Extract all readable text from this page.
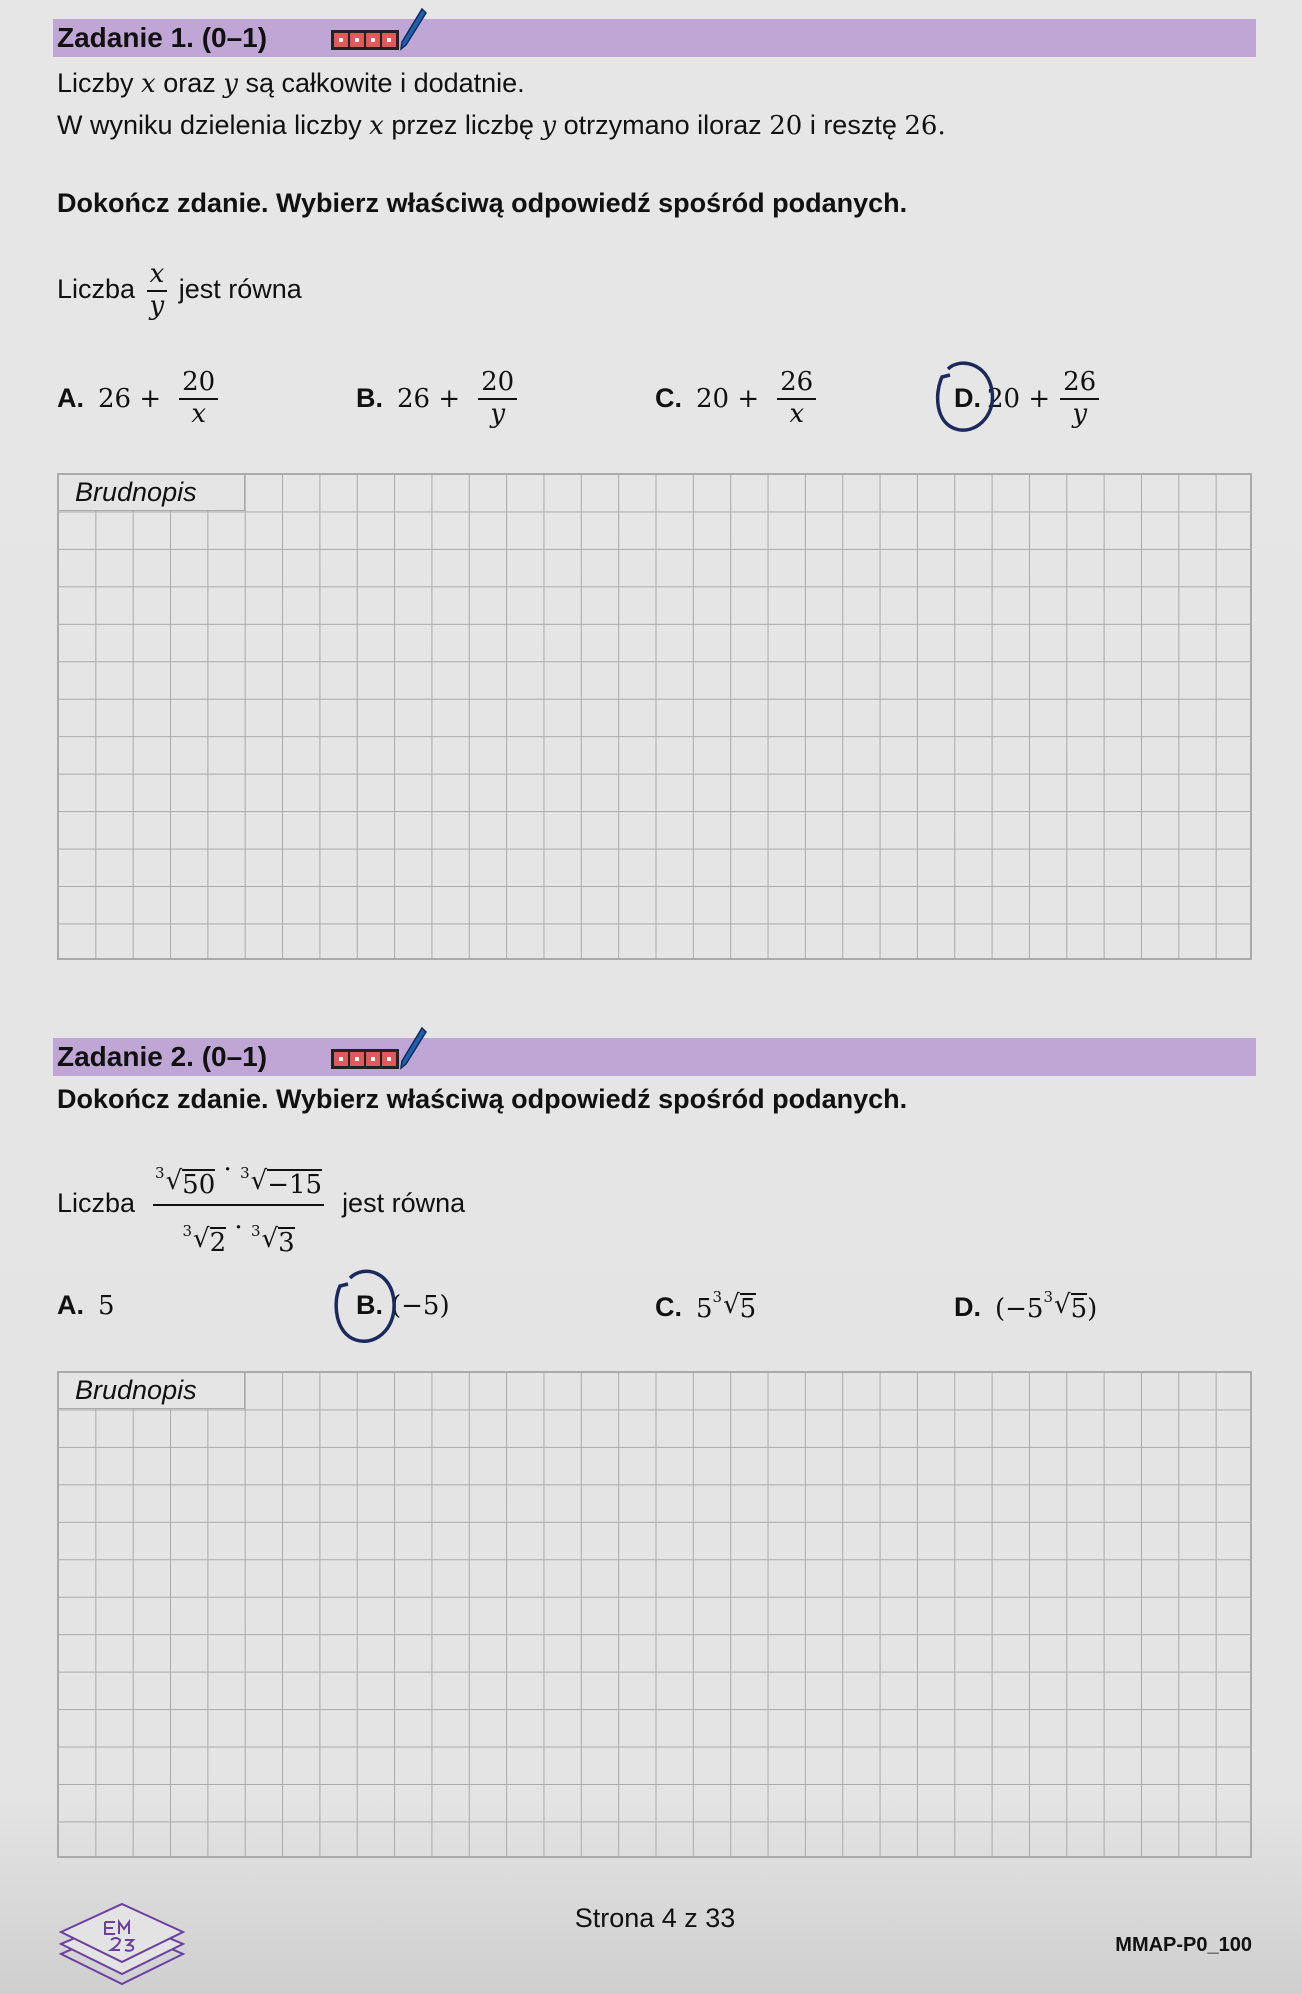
Zadanie 1. (0–1)
Liczby x oraz y są całkowite i dodatnie.
W wyniku dzielenia liczby x przez liczbę y otrzymano iloraz 20 i resztę 26.
Dokończ zdanie. Wybierz właściwą odpowiedź spośród podanych.
Liczba $\frac{x}{y}$ jest równa
A. $26 + \frac{20}{x}$	B. $26 + \frac{20}{y}$	C. $20 + \frac{26}{x}$	D. $20 + \frac{26}{y}$
Brudnopis
Zadanie 2. (0–1)
Dokończ zdanie. Wybierz właściwą odpowiedź spośród podanych.
Liczba $\frac{3 √ 50 \cdot 3 √ -15}{3 √ 2 \cdot 3 √ 3}$ jest równa
A. 5	B. (−5)	C. 5 3 √ 5	D. (−5 3 √ 5 )
Brudnopis
Strona 4 z 33
MMAP-P0_100
